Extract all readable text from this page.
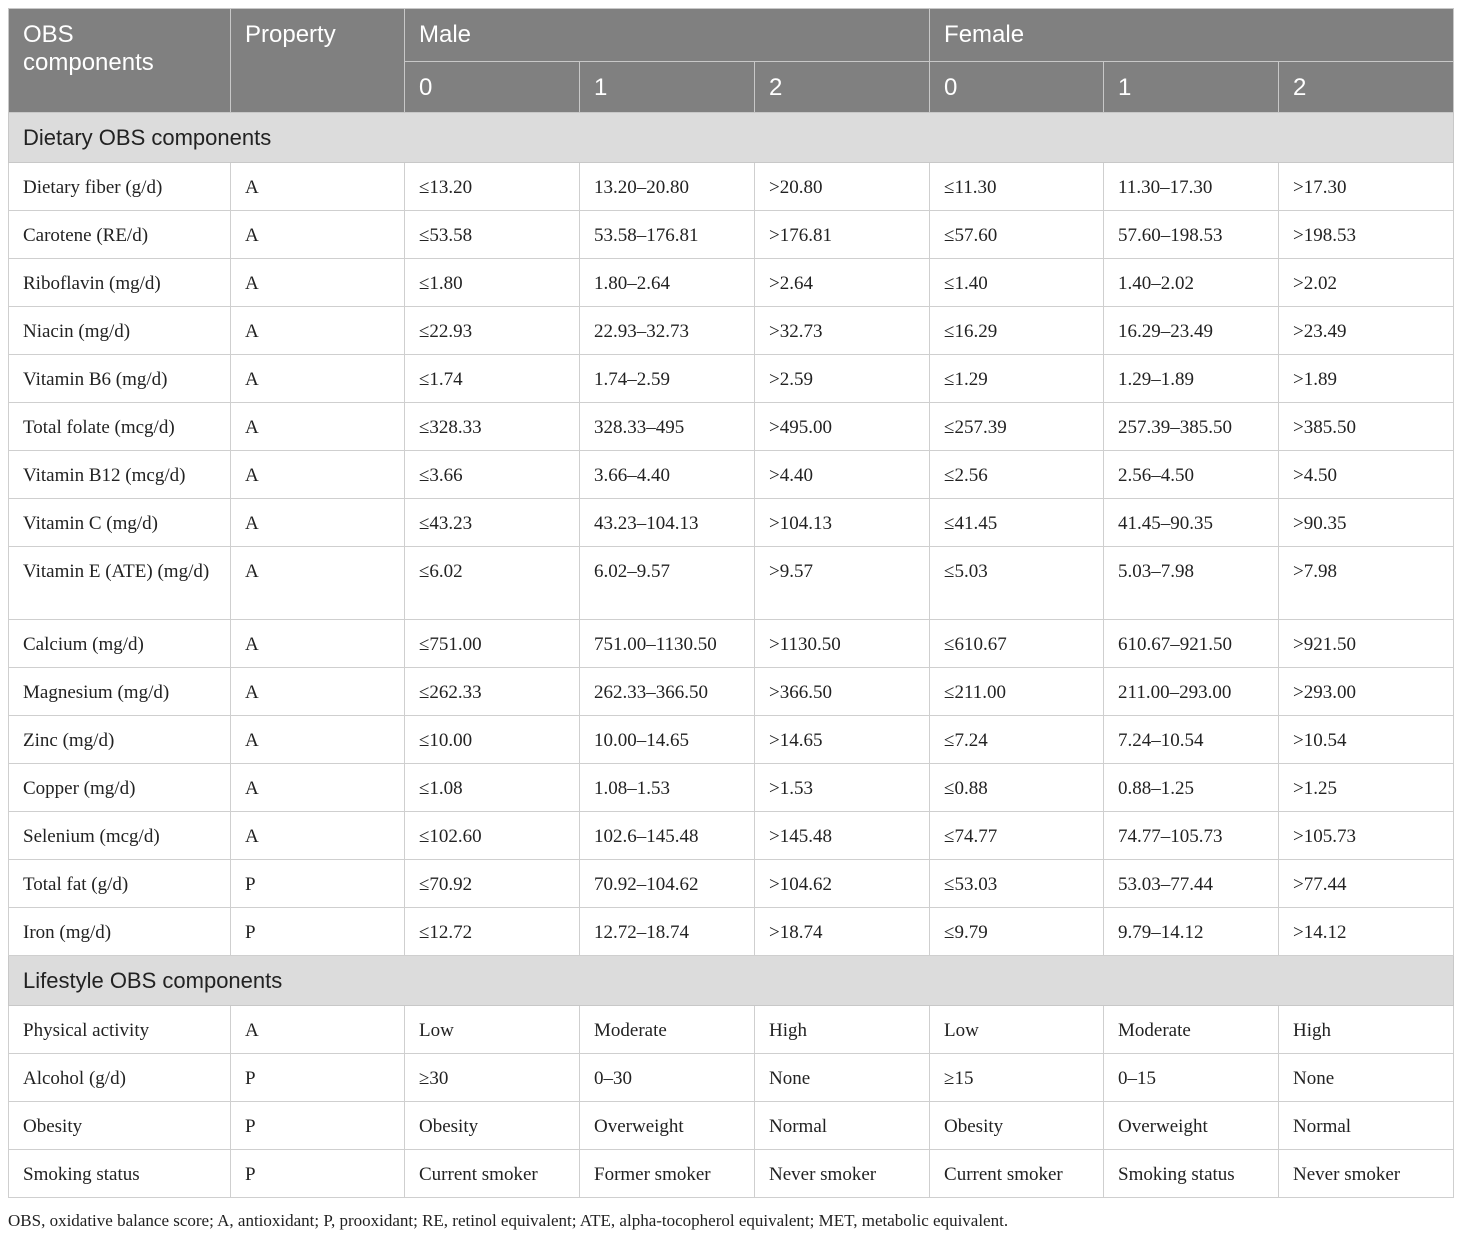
OBS
components	Property	Male			Female		
		0	1	2	0	1	2
Dietary OBS components							
Dietary fiber (g/d)	A	≤13.20	13.20–20.80	>20.80	≤11.30	11.30–17.30	>17.30
Carotene (RE/d)	A	≤53.58	53.58–176.81	>176.81	≤57.60	57.60–198.53	>198.53
Riboflavin (mg/d)	A	≤1.80	1.80–2.64	>2.64	≤1.40	1.40–2.02	>2.02
Niacin (mg/d)	A	≤22.93	22.93–32.73	>32.73	≤16.29	16.29–23.49	>23.49
Vitamin B6 (mg/d)	A	≤1.74	1.74–2.59	>2.59	≤1.29	1.29–1.89	>1.89
Total folate (mcg/d)	A	≤328.33	328.33–495	>495.00	≤257.39	257.39–385.50	>385.50
Vitamin B12 (mcg/d)	A	≤3.66	3.66–4.40	>4.40	≤2.56	2.56–4.50	>4.50
Vitamin C (mg/d)	A	≤43.23	43.23–104.13	>104.13	≤41.45	41.45–90.35	>90.35
Vitamin E (ATE) (mg/d)	A	≤6.02	6.02–9.57	>9.57	≤5.03	5.03–7.98	>7.98
Calcium (mg/d)	A	≤751.00	751.00–1130.50	>1130.50	≤610.67	610.67–921.50	>921.50
Magnesium (mg/d)	A	≤262.33	262.33–366.50	>366.50	≤211.00	211.00–293.00	>293.00
Zinc (mg/d)	A	≤10.00	10.00–14.65	>14.65	≤7.24	7.24–10.54	>10.54
Copper (mg/d)	A	≤1.08	1.08–1.53	>1.53	≤0.88	0.88–1.25	>1.25
Selenium (mcg/d)	A	≤102.60	102.6–145.48	>145.48	≤74.77	74.77–105.73	>105.73
Total fat (g/d)	P	≤70.92	70.92–104.62	>104.62	≤53.03	53.03–77.44	>77.44
Iron (mg/d)	P	≤12.72	12.72–18.74	>18.74	≤9.79	9.79–14.12	>14.12
Lifestyle OBS components							
Physical activity	A	Low	Moderate	High	Low	Moderate	High
Alcohol (g/d)	P	≥30	0–30	None	≥15	0–15	None
Obesity	P	Obesity	Overweight	Normal	Obesity	Overweight	Normal
Smoking status	P	Current smoker	Former smoker	Never smoker	Current smoker	Smoking status	Never smoker
OBS, oxidative balance score; A, antioxidant; P, prooxidant; RE, retinol equivalent; ATE, alpha-tocopherol equivalent; MET, metabolic equivalent.
